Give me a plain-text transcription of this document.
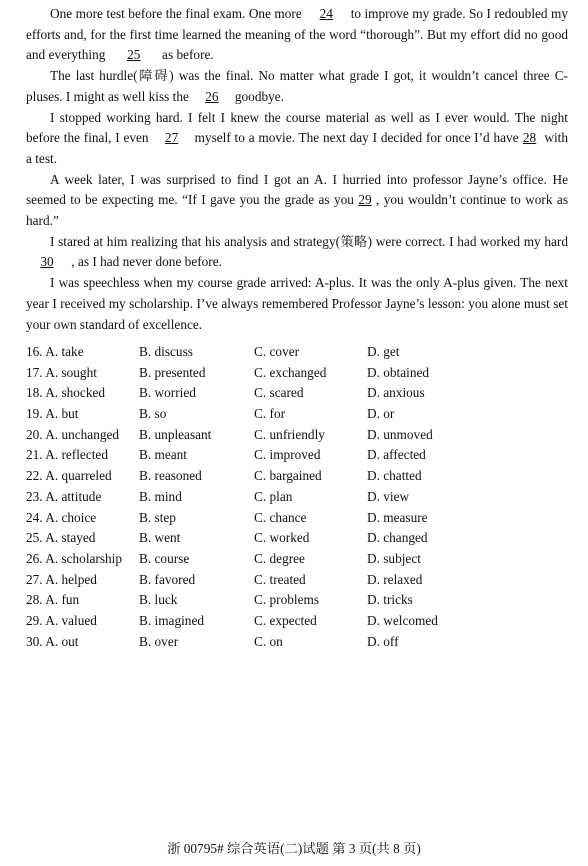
One more test before the final exam. One more 24 to improve my grade. So I redoubled my efforts and, for the first time learned the meaning of the word “thorough”. But my effort did no good and everything 25 as before.

The last hurdle(障碍) was the final. No matter what grade I got, it wouldn’t cancel three C-pluses. I might as well kiss the 26 goodbye.

I stopped working hard. I felt I knew the course material as well as I ever would. The night before the final, I even 27 myself to a movie. The next day I decided for once I’d have 28 with a test.

A week later, I was surprised to find I got an A. I hurried into professor Jayne’s office. He seemed to be expecting me. “If I gave you the grade as you 29 , you wouldn’t continue to work as hard.”

I stared at him realizing that his analysis and strategy(策略) were correct. I had worked my hard 30 , as I had never done before.

I was speechless when my course grade arrived: A-plus. It was the only A-plus given. The next year I received my scholarship. I’ve always remembered Professor Jayne’s lesson: you alone must set your own standard of excellence.

16. A. take	B. discuss	C. cover	D. get
17. A. sought	B. presented	C. exchanged	D. obtained
18. A. shocked	B. worried	C. scared	D. anxious
19. A. but	B. so	C. for	D. or
20. A. unchanged B. unpleasant	C. unfriendly	D. unmoved
21. A. reflected B. meant	C. improved	D. affected
22. A. quarreled B. reasoned	C. bargained	D. chatted
23. A. attitude	B. mind	C. plan	D. view
24. A. choice	B. step	C. chance	D. measure
25. A. stayed	B. went	C. worked	D. changed
26. A. scholarship B. course	C. degree	D. subject
27. A. helped	B. favored	C. treated	D. relaxed
28. A. fun	B. luck	C. problems	D. tricks
29. A. valued	B. imagined	C. expected	D. welcomed
30. A. out	B. over	C. on	D. off
浙 00795# 综合英语(二)试题 第 3 页(共 8 页)
